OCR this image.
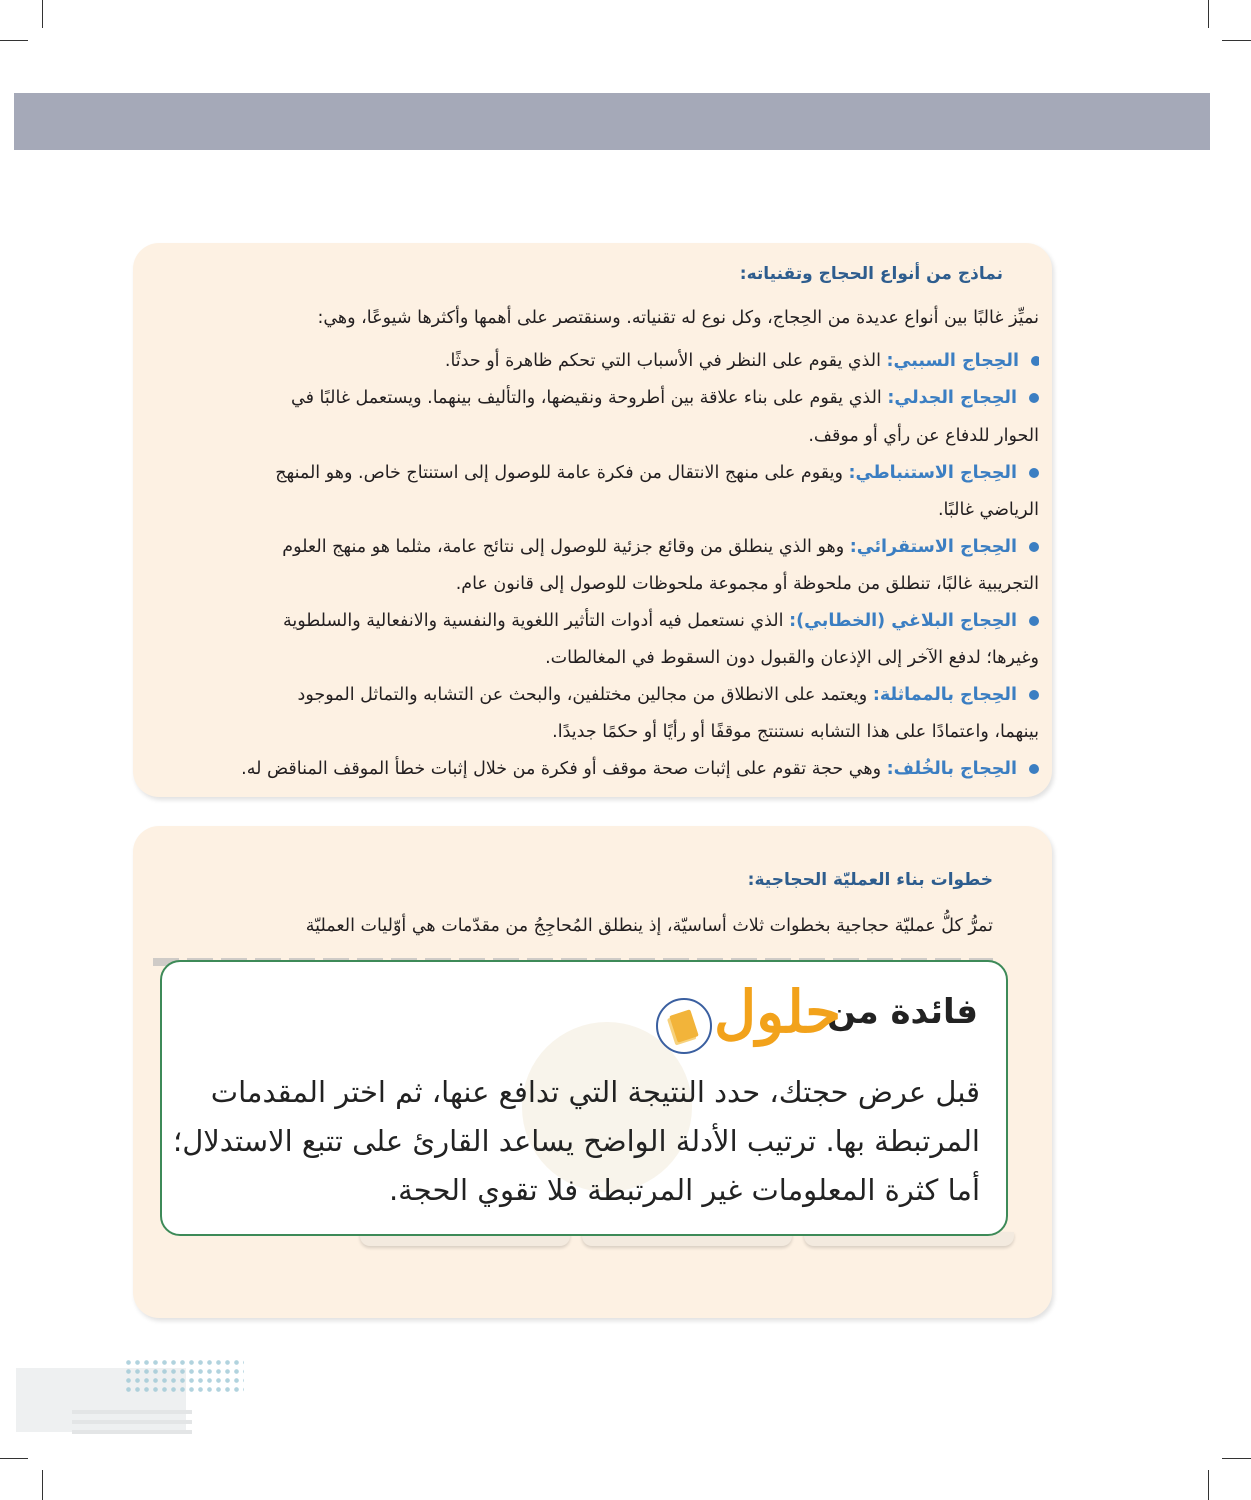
نماذج من أنواع الحجاج وتقنياته:
نميِّز غالبًا بين أنواع عديدة من الحِجاج، وكل نوع له تقنياته. وسنقتصر على أهمها وأكثرها شيوعًا، وهي:
الحِجاج السببي: الذي يقوم على النظر في الأسباب التي تحكم ظاهرة أو حدثًا.
الحِجاج الجدلي: الذي يقوم على بناء علاقة بين أطروحة ونقيضها، والتأليف بينهما. ويستعمل غالبًا في
الحوار للدفاع عن رأي أو موقف.
الحِجاج الاستنباطي: ويقوم على منهج الانتقال من فكرة عامة للوصول إلى استنتاج خاص. وهو المنهج
الرياضي غالبًا.
الحِجاج الاستقرائي: وهو الذي ينطلق من وقائع جزئية للوصول إلى نتائج عامة، مثلما هو منهج العلوم
التجريبية غالبًا، تنطلق من ملحوظة أو مجموعة ملحوظات للوصول إلى قانون عام.
الحِجاج البلاغي (الخطابي): الذي نستعمل فيه أدوات التأثير اللغوية والنفسية والانفعالية والسلطوية
وغيرها؛ لدفع الآخر إلى الإذعان والقبول دون السقوط في المغالطات.
الحِجاج بالمماثلة: ويعتمد على الانطلاق من مجالين مختلفين، والبحث عن التشابه والتماثل الموجود
بينهما، واعتمادًا على هذا التشابه نستنتج موقفًا أو رأيًا أو حكمًا جديدًا.
الحِجاج بالخُلف: وهي حجة تقوم على إثبات صحة موقف أو فكرة من خلال إثبات خطأ الموقف المناقض له.
خطوات بناء العمليّة الحجاجية:
تمرُّ كلُّ عمليّة حجاجية بخطوات ثلاث أساسيّة، إذ ينطلق المُحاجِجُ من مقدّمات هي أوّليات العمليّة
فائدة من
حلول
قبل عرض حجتك، حدد النتيجة التي تدافع عنها، ثم اختر المقدمات
المرتبطة بها. ترتيب الأدلة الواضح يساعد القارئ على تتبع الاستدلال؛
أما كثرة المعلومات غير المرتبطة فلا تقوي الحجة.
